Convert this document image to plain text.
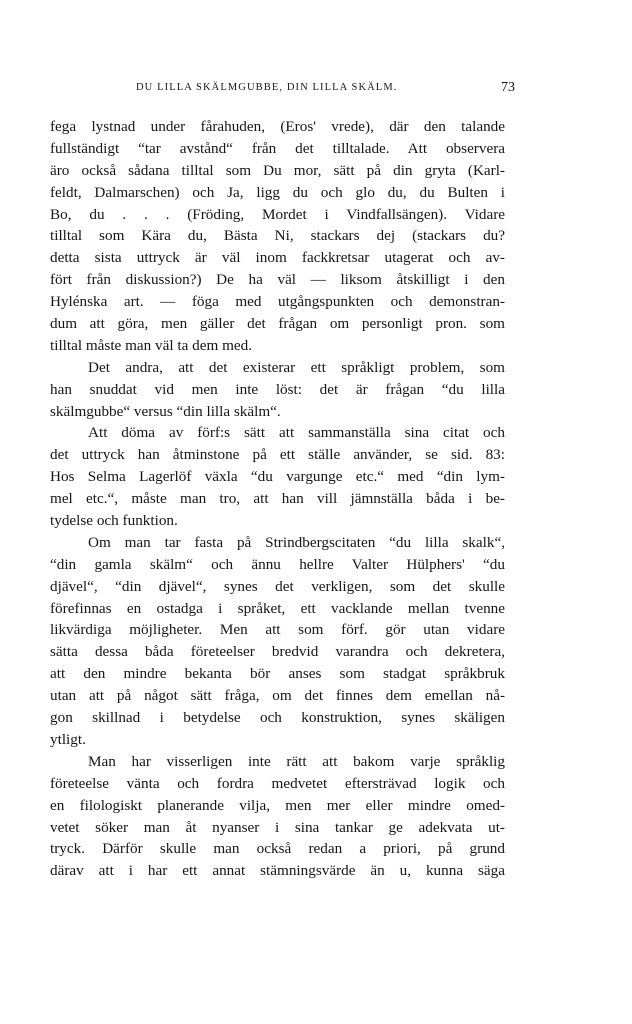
DU LILLA SKÄLMGUBBE, DIN LILLA SKÄLM.	73
fega lystnad under fårahuden, (Eros' vrede), där den talande
fullständigt “tar avstånd“ från det tilltalade. Att observera
äro också sådana tilltal som Du mor, sätt på din gryta (Karl-
feldt, Dalmarschen) och Ja, ligg du och glo du, du Bulten i
Bo, du . . . (Fröding, Mordet i Vindfallsängen). Vidare
tilltal som Kära du, Bästa Ni, stackars dej (stackars du?
detta sista uttryck är väl inom fackkretsar utagerat och av-
fört från diskussion?) De ha väl — liksom åtskilligt i den
Hylénska art. — föga med utgångspunkten och demonstran-
dum att göra, men gäller det frågan om personligt pron. som
tilltal måste man väl ta dem med.
Det andra, att det existerar ett språkligt problem, som
han snuddat vid men inte löst: det är frågan “du lilla
skälmgubbe“ versus “din lilla skälm“.
Att döma av förf:s sätt att sammanställa sina citat och
det uttryck han åtminstone på ett ställe använder, se sid. 83:
Hos Selma Lagerlöf växla “du vargunge etc.“ med “din lym-
mel etc.“, måste man tro, att han vill jämnställa båda i be-
tydelse och funktion.
Om man tar fasta på Strindbergscitaten “du lilla skalk“,
“din gamla skälm“ och ännu hellre Valter Hülphers' “du
djävel“, “din djävel“, synes det verkligen, som det skulle
förefinnas en ostadga i språket, ett vacklande mellan tvenne
likvärdiga möjligheter. Men att som förf. gör utan vidare
sätta dessa båda företeelser bredvid varandra och dekretera,
att den mindre bekanta bör anses som stadgat språkbruk
utan att på något sätt fråga, om det finnes dem emellan nå-
gon skillnad i betydelse och konstruktion, synes skäligen
ytligt.
Man har visserligen inte rätt att bakom varje språklig
företeelse vänta och fordra medvetet eftersträvad logik och
en filologiskt planerande vilja, men mer eller mindre omed-
vetet söker man åt nyanser i sina tankar ge adekvata ut-
tryck. Därför skulle man också redan a priori, på grund
därav att i har ett annat stämningsvärde än u, kunna säga
